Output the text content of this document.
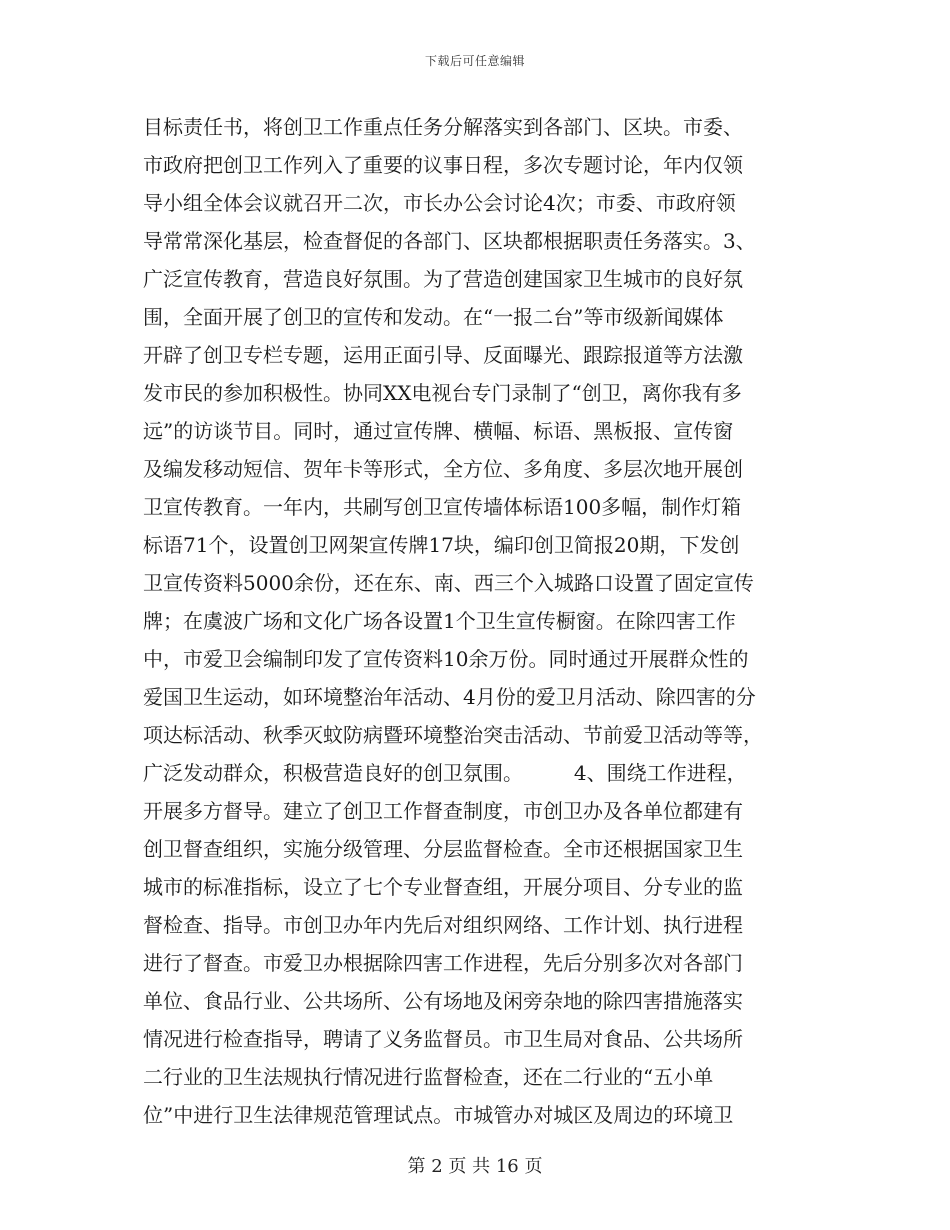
下载后可任意编辑
目标责任书，将创卫工作重点任务分解落实到各部门、区块。市委、
市政府把创卫工作列入了重要的议事日程，多次专题讨论，年内仅领
导小组全体会议就召开二次，市长办公会讨论4次；市委、市政府领
导常常深化基层，检查督促的各部门、区块都根据职责任务落实。3、
广泛宣传教育，营造良好氛围。为了营造创建国家卫生城市的良好氛
围，全面开展了创卫的宣传和发动。在“一报二台”等市级新闻媒体
开辟了创卫专栏专题，运用正面引导、反面曝光、跟踪报道等方法激
发市民的参加积极性。协同XX电视台专门录制了“创卫，离你我有多
远”的访谈节目。同时，通过宣传牌、横幅、标语、黑板报、宣传窗
及编发移动短信、贺年卡等形式，全方位、多角度、多层次地开展创
卫宣传教育。一年内，共刷写创卫宣传墙体标语100多幅，制作灯箱
标语71个，设置创卫网架宣传牌17块，编印创卫简报20期，下发创
卫宣传资料5000余份，还在东、南、西三个入城路口设置了固定宣传
牌；在虞波广场和文化广场各设置1个卫生宣传橱窗。在除四害工作
中，市爱卫会编制印发了宣传资料10余万份。同时通过开展群众性的
爱国卫生运动，如环境整治年活动、4月份的爱卫月活动、除四害的分
项达标活动、秋季灭蚊防病暨环境整治突击活动、节前爱卫活动等等，
广泛发动群众，积极营造良好的创卫氛围。        4、围绕工作进程，
开展多方督导。建立了创卫工作督查制度，市创卫办及各单位都建有
创卫督查组织，实施分级管理、分层监督检查。全市还根据国家卫生
城市的标准指标，设立了七个专业督查组，开展分项目、分专业的监
督检查、指导。市创卫办年内先后对组织网络、工作计划、执行进程
进行了督查。市爱卫办根据除四害工作进程，先后分别多次对各部门
单位、食品行业、公共场所、公有场地及闲旁杂地的除四害措施落实
情况进行检查指导，聘请了义务监督员。市卫生局对食品、公共场所
二行业的卫生法规执行情况进行监督检查，还在二行业的“五小单
位”中进行卫生法律规范管理试点。市城管办对城区及周边的环境卫
第 2 页 共 16 页
